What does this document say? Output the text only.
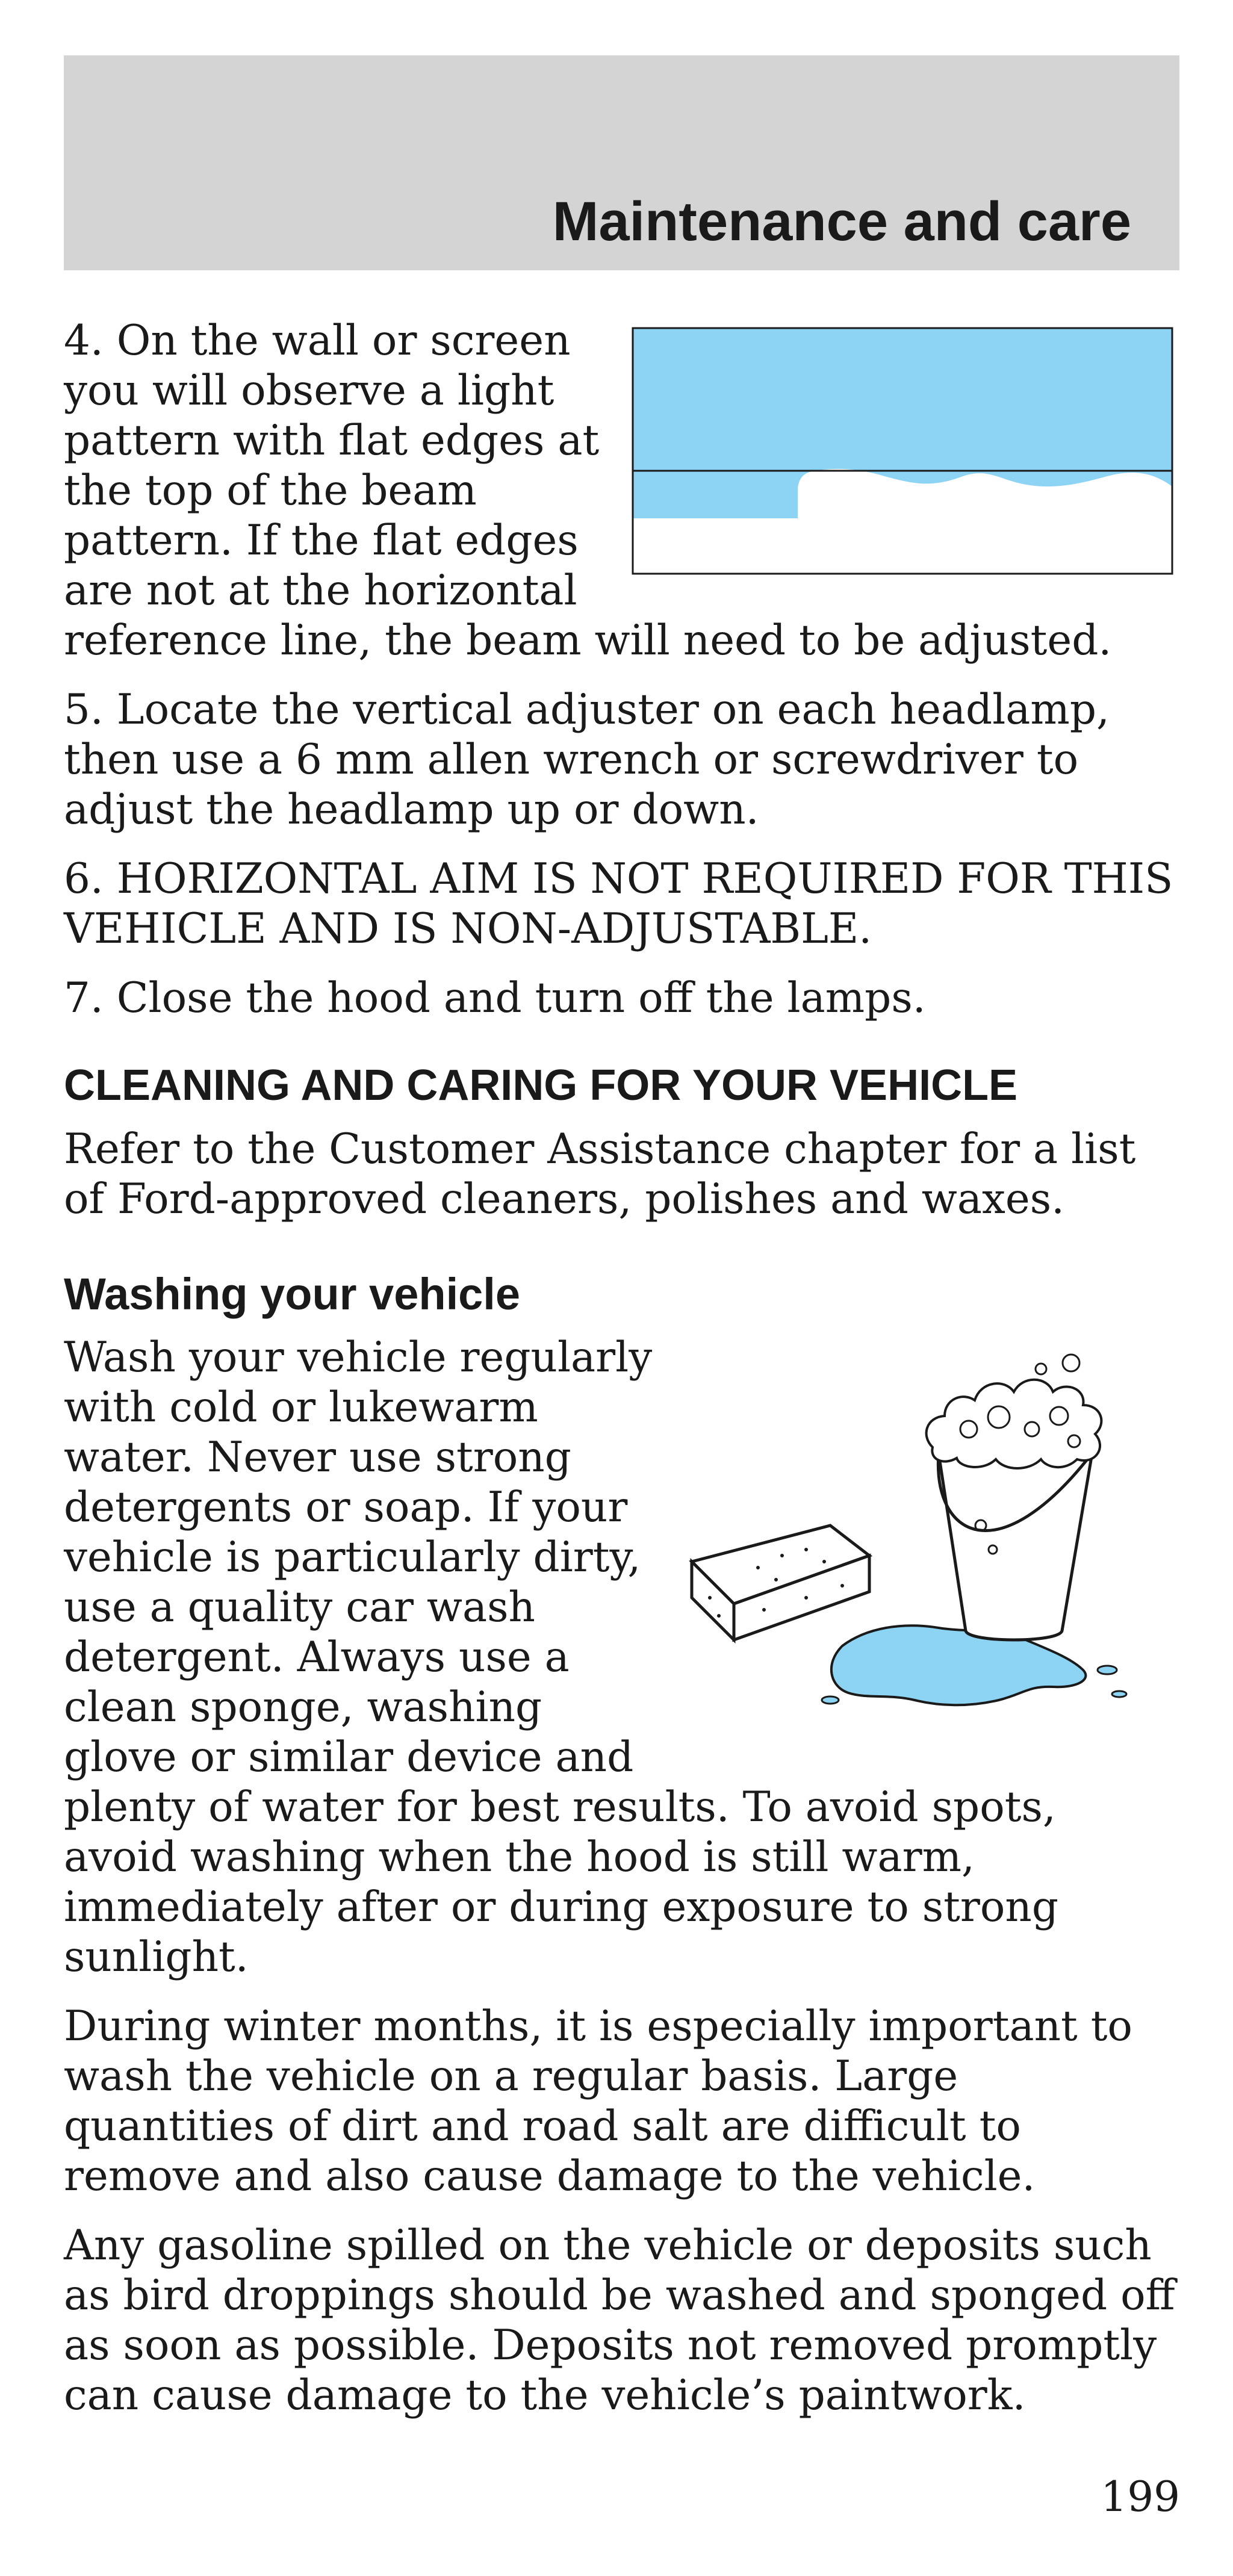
Maintenance and care
4. On the wall or screen you will observe a light pattern with flat edges at the top of the beam pattern. If the flat edges are not at the horizontal reference line, the beam will need to be adjusted.
5. Locate the vertical adjuster on each headlamp, then use a 6 mm allen wrench or screwdriver to adjust the headlamp up or down.
6. HORIZONTAL AIM IS NOT REQUIRED FOR THIS VEHICLE AND IS NON-ADJUSTABLE.
7. Close the hood and turn off the lamps.
CLEANING AND CARING FOR YOUR VEHICLE
Refer to the Customer Assistance chapter for a list of Ford-approved cleaners, polishes and waxes.
Washing your vehicle
Wash your vehicle regularly with cold or lukewarm water. Never use strong detergents or soap. If your vehicle is particularly dirty, use a quality car wash detergent. Always use a clean sponge, washing glove or similar device and plenty of water for best results. To avoid spots, avoid washing when the hood is still warm, immediately after or during exposure to strong sunlight.
During winter months, it is especially important to wash the vehicle on a regular basis. Large quantities of dirt and road salt are difficult to remove and also cause damage to the vehicle.
Any gasoline spilled on the vehicle or deposits such as bird droppings should be washed and sponged off as soon as possible. Deposits not removed promptly can cause damage to the vehicle’s paintwork.
199
